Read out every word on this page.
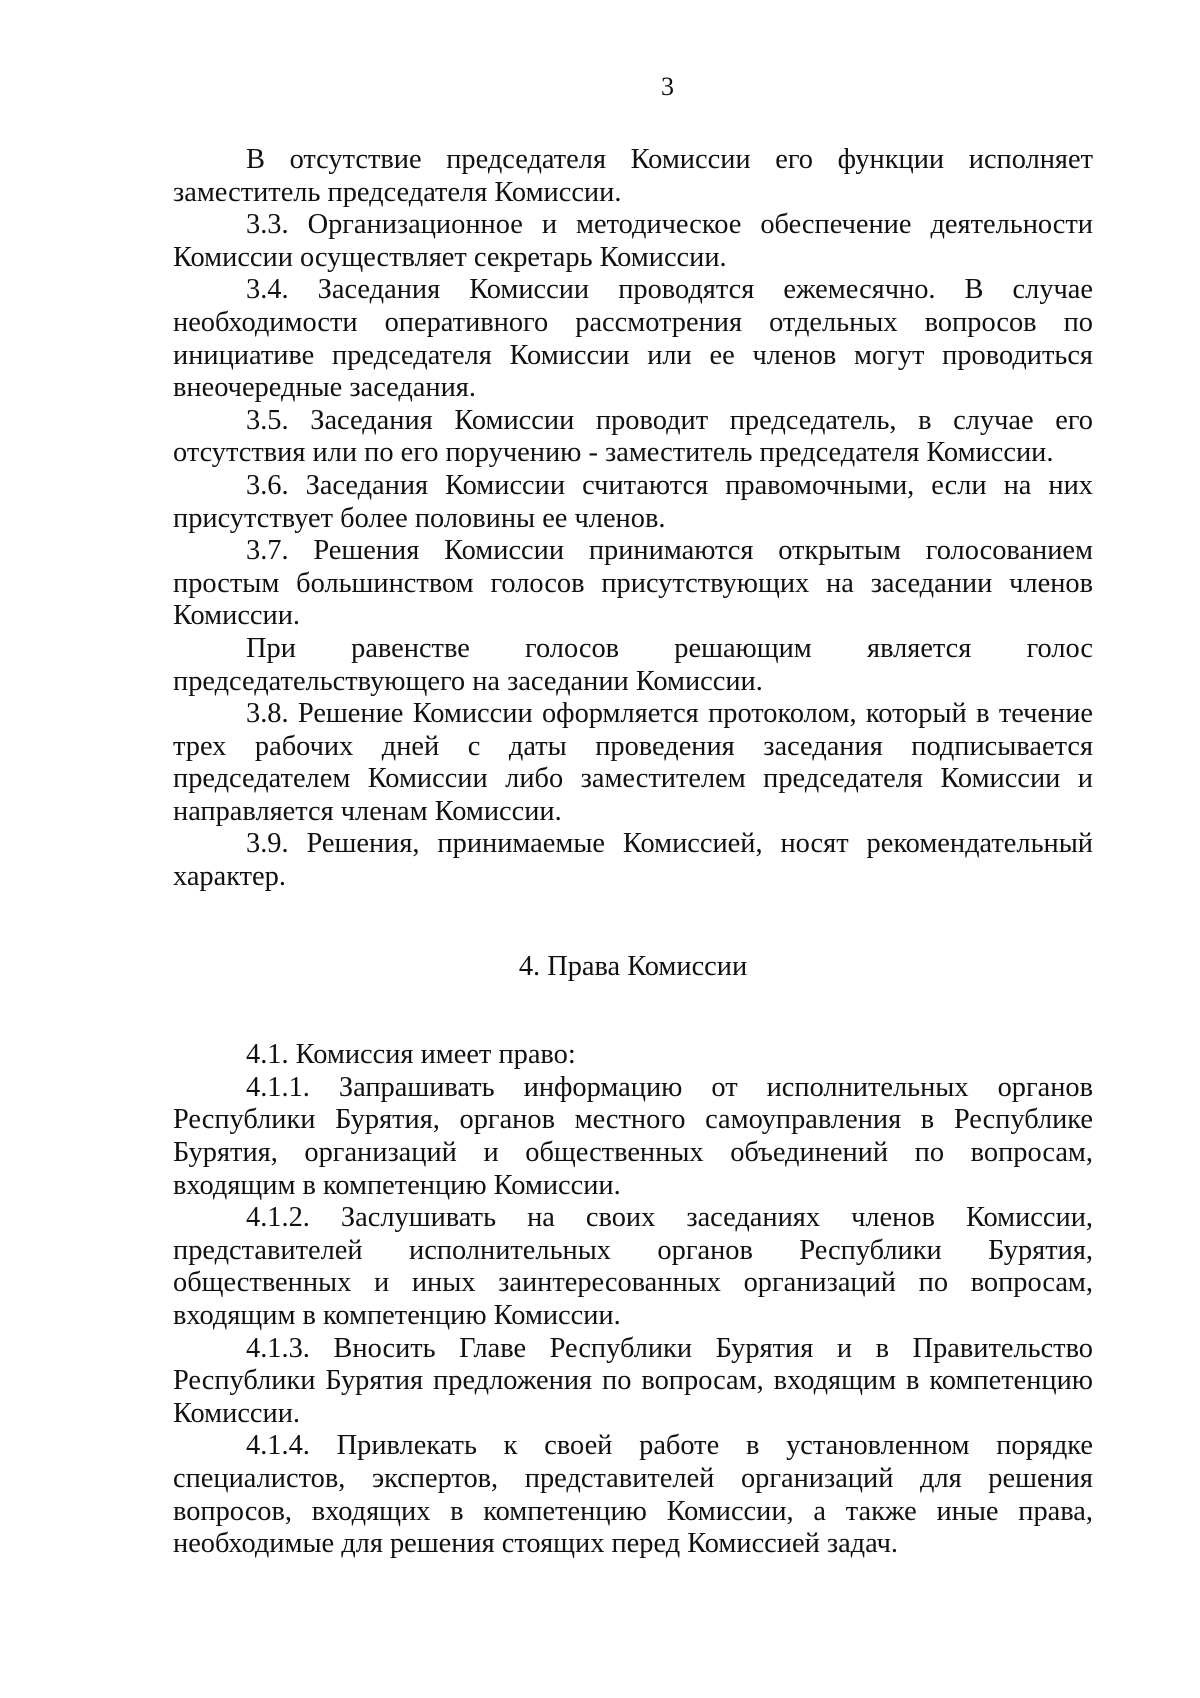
3

В отсутствие председателя Комиссии его функции исполняет заместитель председателя Комиссии.

3.3. Организационное и методическое обеспечение деятельности Комиссии осуществляет секретарь Комиссии.

3.4. Заседания Комиссии проводятся ежемесячно. В случае необходимости оперативного рассмотрения отдельных вопросов по инициативе председателя Комиссии или ее членов могут проводиться внеочередные заседания.

3.5. Заседания Комиссии проводит председатель, в случае его отсутствия или по его поручению - заместитель председателя Комиссии.

3.6. Заседания Комиссии считаются правомочными, если на них присутствует более половины ее членов.

3.7. Решения Комиссии принимаются открытым голосованием простым большинством голосов присутствующих на заседании членов Комиссии.

При равенстве голосов решающим является голос председательствующего на заседании Комиссии.

3.8. Решение Комиссии оформляется протоколом, который в течение трех рабочих дней с даты проведения заседания подписывается председателем Комиссии либо заместителем председателя Комиссии и направляется членам Комиссии.

3.9. Решения, принимаемые Комиссией, носят рекомендательный характер.

4. Права Комиссии

4.1. Комиссия имеет право:

4.1.1. Запрашивать информацию от исполнительных органов Республики Бурятия, органов местного самоуправления в Республике Бурятия, организаций и общественных объединений по вопросам, входящим в компетенцию Комиссии.

4.1.2. Заслушивать на своих заседаниях членов Комиссии, представителей исполнительных органов Республики Бурятия, общественных и иных заинтересованных организаций по вопросам, входящим в компетенцию Комиссии.

4.1.3. Вносить Главе Республики Бурятия и в Правительство Республики Бурятия предложения по вопросам, входящим в компетенцию Комиссии.

4.1.4. Привлекать к своей работе в установленном порядке специалистов, экспертов, представителей организаций для решения вопросов, входящих в компетенцию Комиссии, а также иные права, необходимые для решения стоящих перед Комиссией задач.
